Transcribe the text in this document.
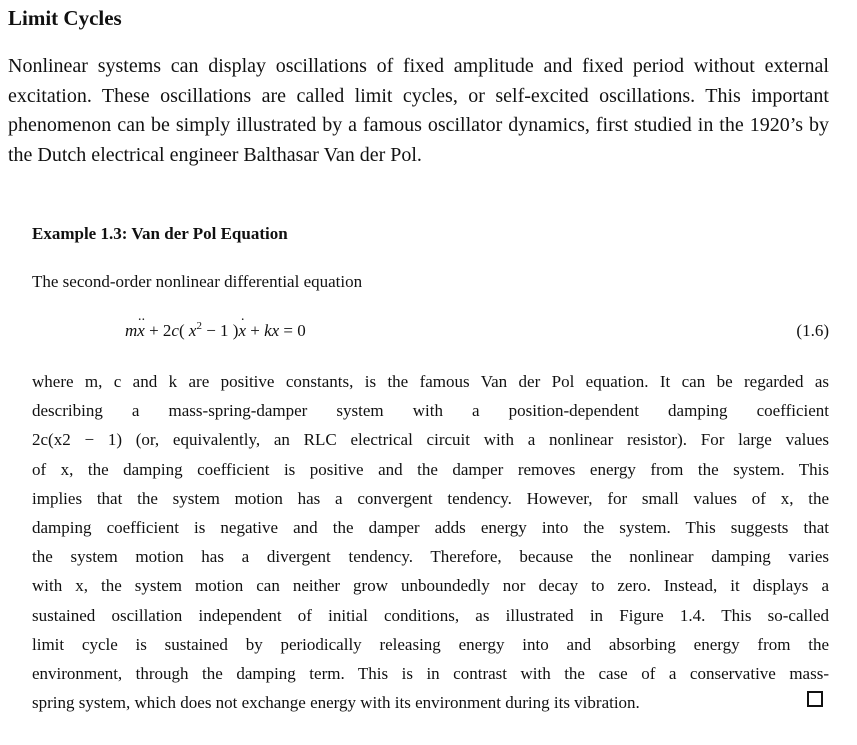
Limit Cycles

Nonlinear systems can display oscillations of fixed amplitude and fixed period without external excitation. These oscillations are called limit cycles, or self-excited oscillations. This important phenomenon can be simply illustrated by a famous oscillator dynamics, first studied in the 1920’s by the Dutch electrical engineer Balthasar Van der Pol.

Example 1.3: Van der Pol Equation
The second-order nonlinear differential equation
m·· x + 2c( $x^2 - 1$ )· x + kx = 0	(1.6)
where m, c and k are positive constants, is the famous Van der Pol equation. It can be regarded as
describing a mass-spring-damper system with a position-dependent damping coefficient
2c(x2 − 1) (or, equivalently, an RLC electrical circuit with a nonlinear resistor). For large values
of x, the damping coefficient is positive and the damper removes energy from the system. This
implies that the system motion has a convergent tendency. However, for small values of x, the
damping coefficient is negative and the damper adds energy into the system. This suggests that
the system motion has a divergent tendency. Therefore, because the nonlinear damping varies
with x, the system motion can neither grow unboundedly nor decay to zero. Instead, it displays a
sustained oscillation independent of initial conditions, as illustrated in Figure 1.4. This so-called
limit cycle is sustained by periodically releasing energy into and absorbing energy from the
environment, through the damping term. This is in contrast with the case of a conservative mass-
spring system, which does not exchange energy with its environment during its vibration.
